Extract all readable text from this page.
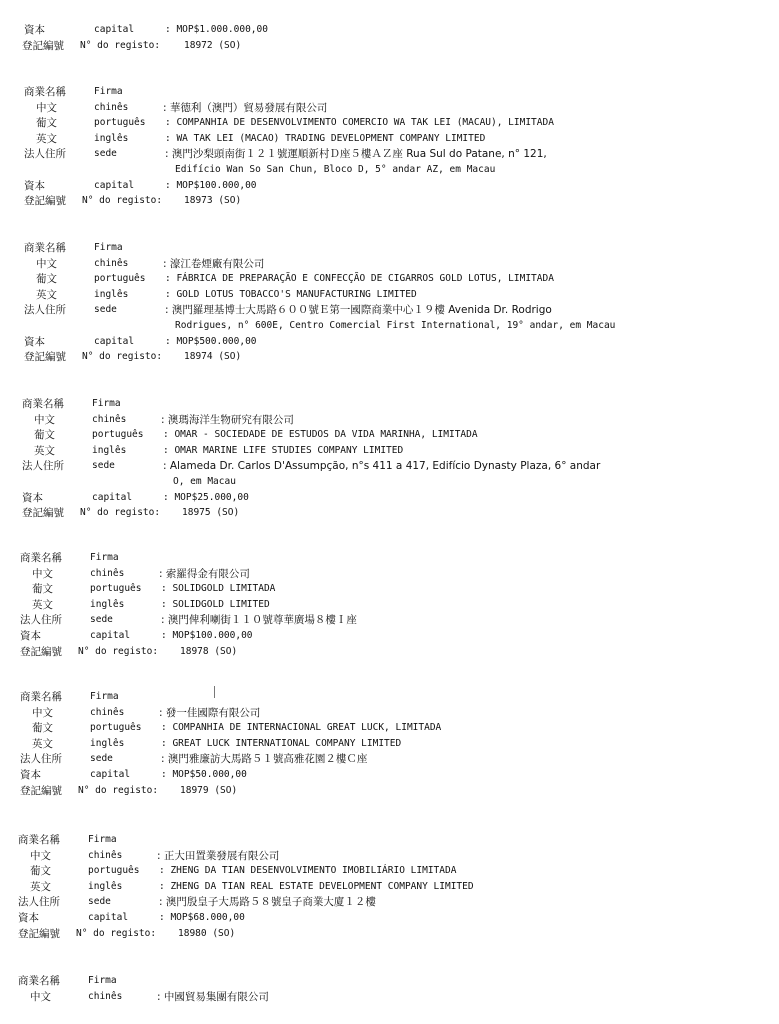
資本	capital	: MOP$1.000.000,00
登記編號 N° do registo:	18972 (SO)
商業名稱	Firma
中文	chinês	: 華德利（澳門）貿易發展有限公司
葡文	português : COMPANHIA DE DESENVOLVIMENTO COMERCIO WA TAK LEI (MACAU), LIMITADA
英文	inglês	: WA TAK LEI (MACAO) TRADING DEVELOPMENT COMPANY LIMITED
法人住所	sede	: 澳門沙梨頭南街１２１號運順新村Ｄ座５樓ＡＺ座 Rua Sul do Patane, n° 121,
Edifício Wan So San Chun, Bloco D, 5° andar AZ, em Macau
資本	capital	: MOP$100.000,00
登記編號 N° do registo: 18973 (SO)
商業名稱	Firma
中文	chinês	: 濠江卷煙廠有限公司
葡文	português : FÁBRICA DE PREPARAÇÃO E CONFECÇÃO DE CIGARROS GOLD LOTUS, LIMITADA
英文	inglês	: GOLD LOTUS TOBACCO'S MANUFACTURING LIMITED
法人住所	sede	: 澳門羅理基博士大馬路６００號Ｅ第一國際商業中心１９樓 Avenida Dr. Rodrigo
Rodrigues, n° 600E, Centro Comercial First International, 19° andar, em Macau
資本	capital	: MOP$500.000,00
登記編號 N° do registo: 18974 (SO)
商業名稱	Firma
中文	chinês	: 澳瑪海洋生物研究有限公司
葡文	português : OMAR - SOCIEDADE DE ESTUDOS DA VIDA MARINHA, LIMITADA
英文	inglês	: OMAR MARINE LIFE STUDIES COMPANY LIMITED
法人住所	sede	: Alameda Dr. Carlos D'Assumpção, n°s 411 a 417, Edifício Dynasty Plaza, 6° andar
O, em Macau
資本	capital	: MOP$25.000,00
登記編號 N° do registo: 18975 (SO)
商業名稱	Firma
中文	chinês	: 索羅得金有限公司
葡文	português : SOLIDGOLD LIMITADA
英文	inglês	: SOLIDGOLD LIMITED
法人住所	sede	: 澳門俾利喇街１１０號尊華廣場８樓Ｉ座
資本	capital	: MOP$100.000,00
登記編號 N° do registo: 18978 (SO)
商業名稱	Firma
中文	chinês	: 發一佳國際有限公司
葡文	português : COMPANHIA DE INTERNACIONAL GREAT LUCK, LIMITADA
英文	inglês	: GREAT LUCK INTERNATIONAL COMPANY LIMITED
法人住所	sede	: 澳門雅廉訪大馬路５１號高雅花園２樓Ｃ座
資本	capital	: MOP$50.000,00
登記編號 N° do registo: 18979 (SO)
商業名稱	Firma
中文	chinês	: 正大田置業發展有限公司
葡文	português : ZHENG DA TIAN DESENVOLVIMENTO IMOBILIÁRIO LIMITADA
英文	inglês	: ZHENG DA TIAN REAL ESTATE DEVELOPMENT COMPANY LIMITED
法人住所	sede	: 澳門殷皇子大馬路５８號皇子商業大廈１２樓
資本	capital	: MOP$68.000,00
登記編號 N° do registo: 18980 (SO)
商業名稱	Firma
中文	chinês	: 中國貿易集團有限公司
